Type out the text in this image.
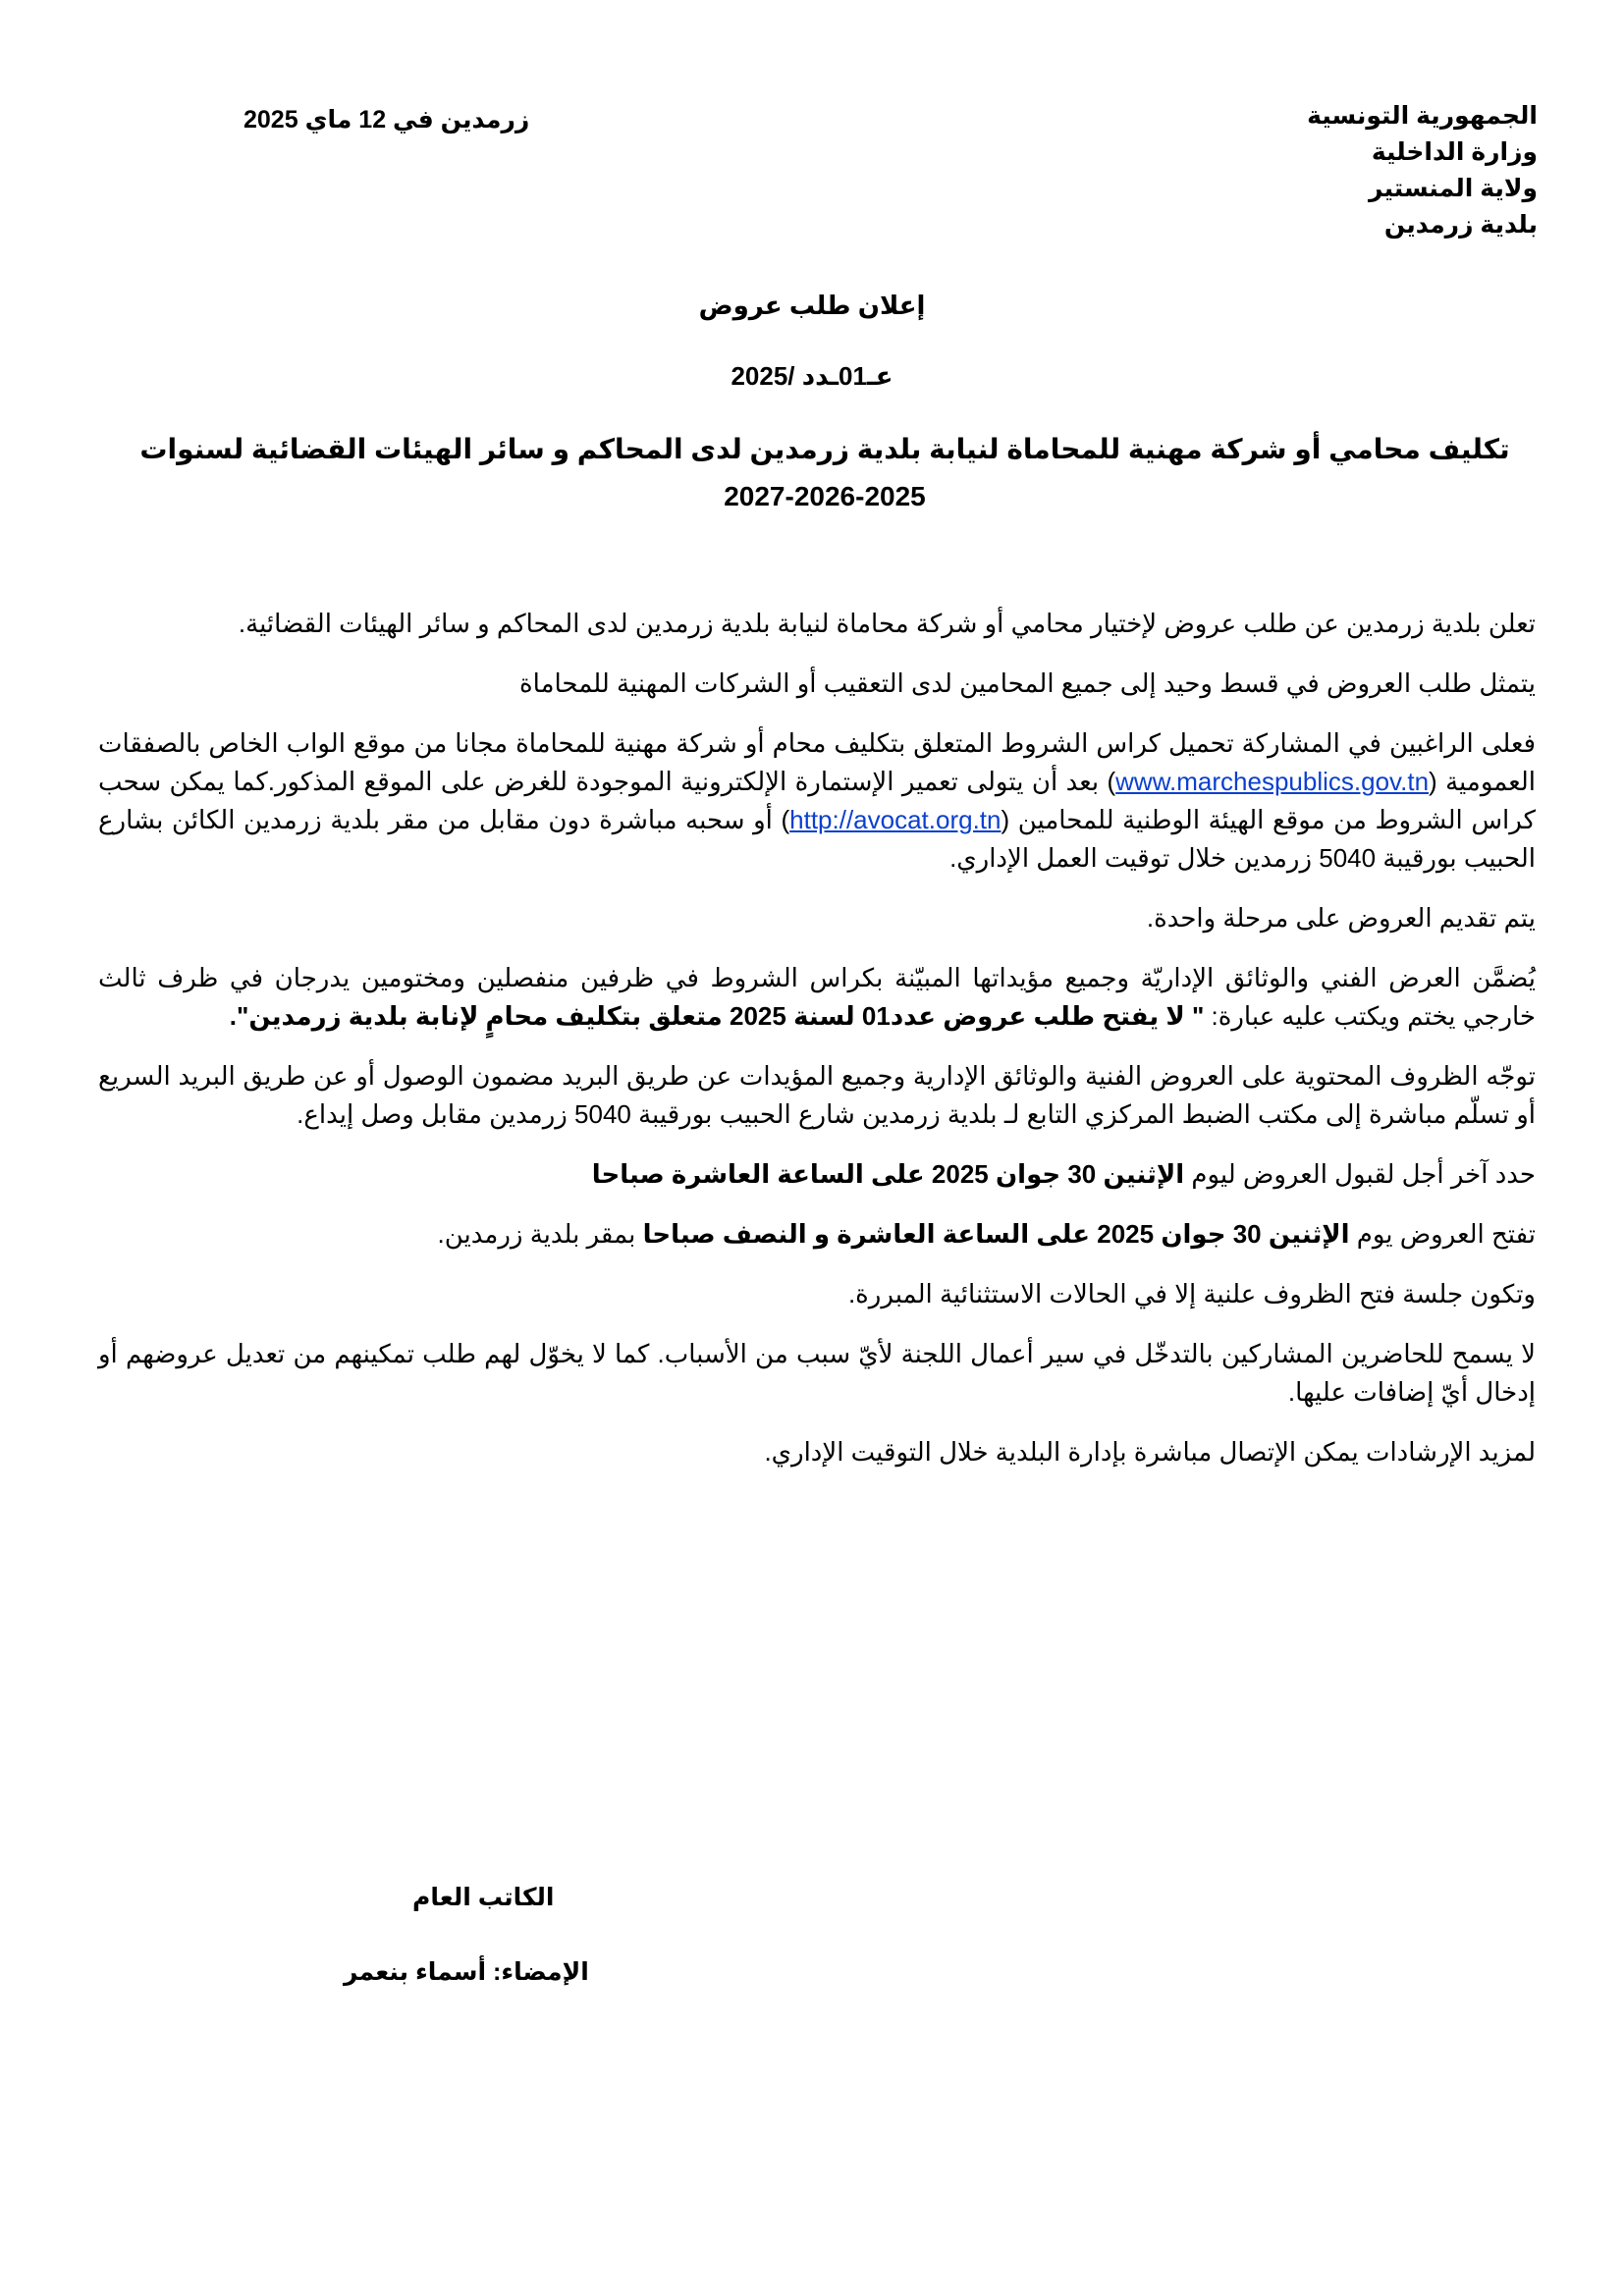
الجمهورية التونسية
وزارة الداخلية
ولاية المنستير
بلدية زرمدين
زرمدين في 12 ماي 2025
إعلان طلب عروض
عـ01ـدد /2025
تكليف محامي أو شركة مهنية للمحاماة لنيابة بلدية زرمدين لدى المحاكم و سائر الهيئات القضائية لسنوات 2025-2026-2027

تعلن بلدية زرمدين عن طلب عروض لإختيار محامي أو شركة محاماة لنيابة بلدية زرمدين لدى المحاكم و سائر الهيئات القضائية.

يتمثل طلب العروض في قسط وحيد إلى جميع المحامين لدى التعقيب أو الشركات المهنية للمحاماة

فعلى الراغبين في المشاركة تحميل كراس الشروط المتعلق بتكليف محام أو شركة مهنية للمحاماة مجانا من موقع الواب الخاص بالصفقات العمومية (www.marchespublics.gov.tn) بعد أن يتولى تعمير الإستمارة الإلكترونية الموجودة للغرض على الموقع المذكور.كما يمكن سحب كراس الشروط من موقع الهيئة الوطنية للمحامين (http://avocat.org.tn) أو سحبه مباشرة دون مقابل من مقر بلدية زرمدين الكائن بشارع الحبيب بورقيبة 5040 زرمدين خلال توقيت العمل الإداري.

يتم تقديم العروض على مرحلة واحدة.

يُضمَّن العرض الفني والوثائق الإداريّة وجميع مؤيداتها المبيّنة بكراس الشروط في ظرفين منفصلين ومختومين يدرجان في ظرف ثالث خارجي يختم ويكتب عليه عبارة: " لا يفتح طلب عروض عدد01 لسنة 2025 متعلق بتكليف محامٍ لإنابة بلدية زرمدين".

توجّه الظروف المحتوية على العروض الفنية والوثائق الإدارية وجميع المؤيدات عن طريق البريد مضمون الوصول أو عن طريق البريد السريع أو تسلّم مباشرة إلى مكتب الضبط المركزي التابع لـ بلدية زرمدين شارع الحبيب بورقيبة 5040 زرمدين مقابل وصل إيداع.

حدد آخر أجل لقبول العروض ليوم الإثنين 30 جوان 2025 على الساعة العاشرة صباحا

تفتح العروض يوم الإثنين 30 جوان 2025 على الساعة العاشرة و النصف صباحا بمقر بلدية زرمدين.

وتكون جلسة فتح الظروف علنية إلا في الحالات الاستثنائية المبررة.

لا يسمح للحاضرين المشاركين بالتدخّل في سير أعمال اللجنة لأيّ سبب من الأسباب. كما لا يخوّل لهم طلب تمكينهم من تعديل عروضهم أو إدخال أيّ إضافات عليها.

لمزيد الإرشادات يمكن الإتصال مباشرة بإدارة البلدية خلال التوقيت الإداري.

الكاتب العام
الإمضاء: أسماء بنعمر
